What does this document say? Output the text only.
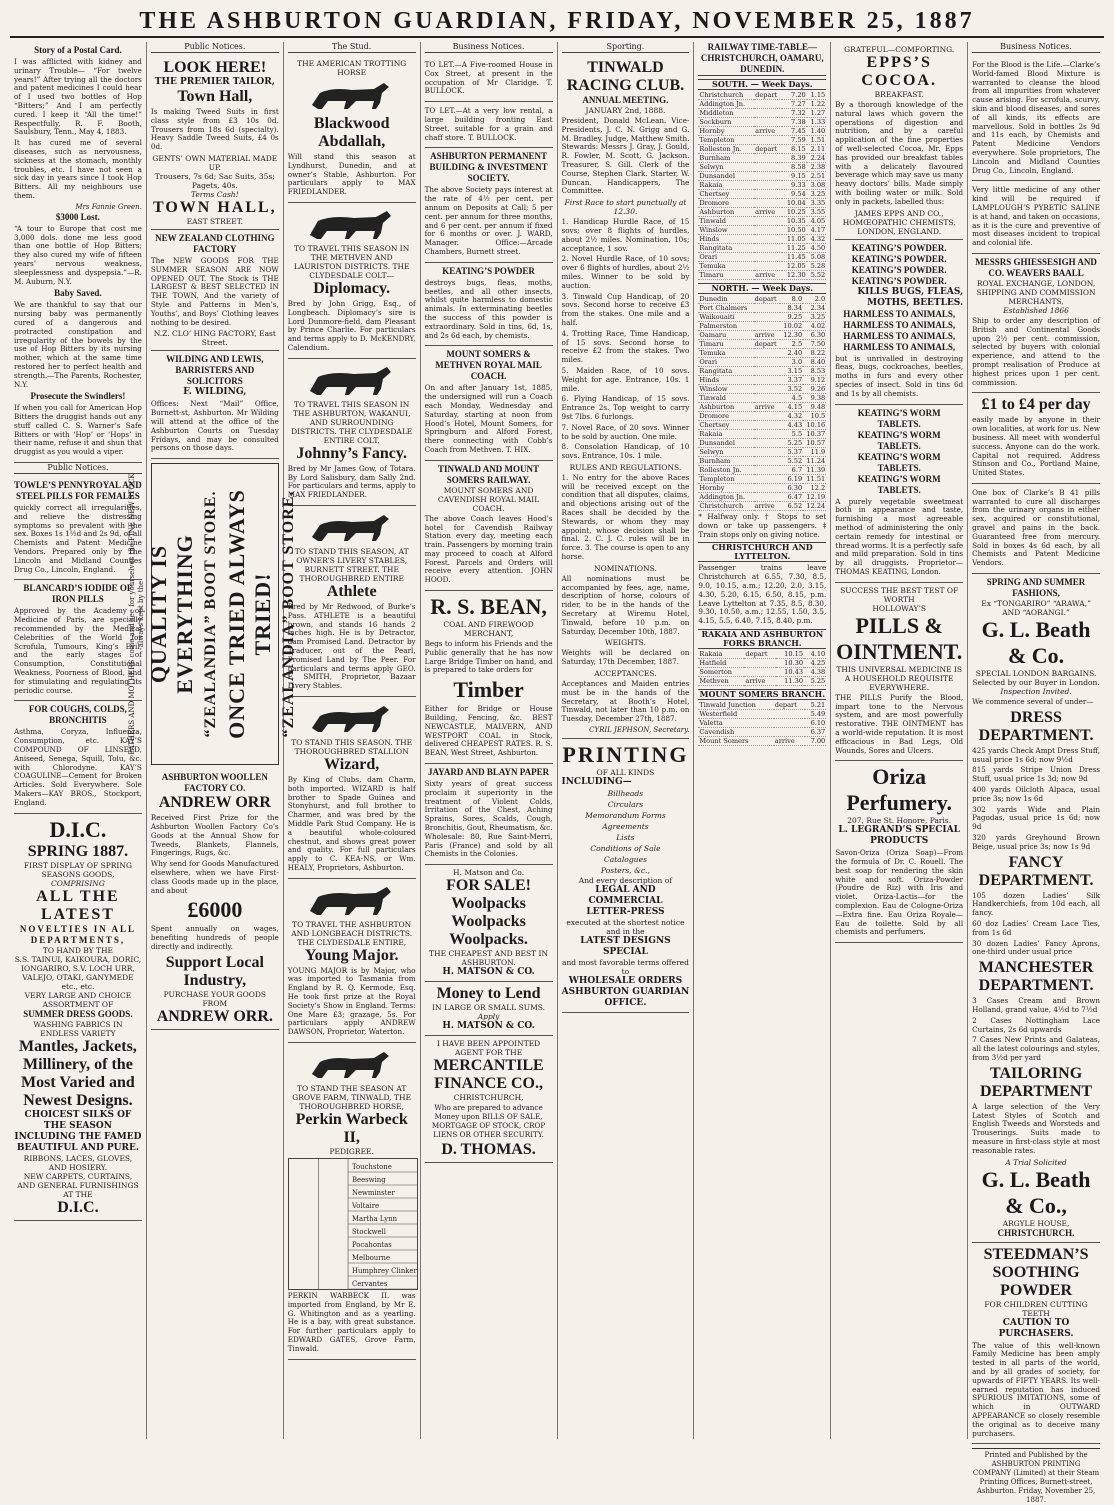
THE ASHBURTON GUARDIAN, FRIDAY, NOVEMBER 25, 1887
Story of a Postal Card.
I was afflicted with kidney and urinary Trouble— “For twelve years!” After trying all the doctors and patent medicines I could hear of I used two bottles of Hop “Bitters;” And I am perfectly cured. I keep it “All the time!” Respectfully, R. F. Booth, Saulsbury, Tenn., May 4, 1883.
It has cured me of several diseases, such as nervousness, sickness at the stomach, monthly troubles, etc. I have not seen a sick day in years since I took Hop Bitters. All my neighbours use them.
Mrs Fannie Green.
$3000 Lost.
“A tour to Europe that cost me 3,000 dols. done me less good than one bottle of Hop Bitters; they also cured my wife of fifteen years’ nervous weakness, sleeplessness and dyspepsia.”—R. M. Auburn, N.Y.
Baby Saved.
We are thankful to say that our nursing baby was permanently cured of a dangerous and protracted constipation and irregularity of the bowels by the use of Hop Bitters by its nursing mother, which at the same time restored her to perfect health and strength.—The Parents, Rochester, N.Y.
Prosecute the Swindlers!
If when you call for American Hop Bitters the druggist hands out any stuff called C. S. Warner’s Safe Bitters or with ‘Hop’ or ‘Hops’ in their name, refuse it and shun that druggist as you would a viper.
Public Notices.
TOWLE’S PENNYROYAL AND STEEL PILLS FOR FEMALES
quickly correct all irregularities, and relieve the distressing symptoms so prevalent with the sex. Boxes 1s 1½d and 2s 9d, of all Chemists and Patent Medicine Vendors. Prepared only by The Lincoln and Midland Counties Drug Co., Lincoln, England.
BLANCARD’S IODIDE OF IRON PILLS
Approved by the Academy of Medicine of Paris, are specially recommended by the Medical Celebrities of the World for Scrofula, Tumours, King’s Evil, and the early stages of Consumption, Constitutional Weakness, Poorness of Blood, and for stimulating and regulating its periodic course.
FOR COUGHS, COLDS, BRONCHITIS
Asthma, Coryza, Influenza, Consumption, etc. KAY’S COMPOUND OF LINSEED, Aniseed, Senega, Squill, Tolu, &c. with Chlorodyne. KAY’S COAGULINE—Cement for Broken Articles. Sold Everywhere. Sole Makers—KAY BROS., Stockport, England.
D.I.C.
SPRING 1887.
FIRST DISPLAY OF SPRING
SEASONS GOODS,
COMPRISING
ALL THE LATEST
NOVELTIES IN ALL
DEPARTMENTS,
TO HAND BY THE
S.S. TAINUI, KAIKOURA, DORIC, IONGARIRO, S.V. LOCH URR, VALEJO, OTAKI, GANYMEDE etc., etc.
VERY LARGE AND CHOICE ASSORTMENT OF
SUMMER DRESS GOODS.
WASHING FABRICS IN ENDLESS VARIETY
Mantles, Jackets, Millinery, of the Most Varied and Newest Designs.
CHOICEST SILKS OF THE SEASON INCLUDING THE FAMED BEAUTIFUL AND PURE.
RIBBONS, LACES, GLOVES, AND HOSIERY.
NEW CARPETS, CURTAINS, AND GENERAL FURNISHINGS AT THE
D.I.C.
Public Notices.
LOOK HERE!
THE PREMIER TAILOR,
Town Hall,
Is making Tweed Suits in first class style from £3 10s 0d. Trousers from 18s 6d (specialty). Heavy Saddle Tweed Suits, £4 0s 0d.
GENTS’ OWN MATERIAL MADE UP.
Trousers, 7s 6d; Sac Suits, 35s; Pagets, 40s.
Terms Cash!
TOWN HALL,
EAST STREET.
NEW ZEALAND CLOTHING FACTORY
The NEW GOODS FOR THE SUMMER SEASON ARE NOW OPENED OUT. The Stock is THE LARGEST & BEST SELECTED IN THE TOWN, And the variety of Style and Patterns in Men’s, Youths’, and Boys’ Clothing leaves nothing to be desired.
N.Z. CLO’ HING FACTORY, East Street.
WILDING AND LEWIS, BARRISTERS AND SOLICITORS
F. WILDING,
Offices: Next “Mail” Office, Burnett-st, Ashburton. Mr Wilding will attend at the office of the Ashburton Courts on Tuesday Fridays, and may be consulted persons on those days.
FATHERS AND MOTHERS come and see for yourselves the FINE NEW STOCK always kept by the QUALITY IS EVERYTHING “ZEALANDIA” BOOT STORE. ONCE TRIED ALWAYS TRIED! “ZEALANDIA” BOOT STORE.
ASHBURTON WOOLLEN FACTORY CO.
ANDREW ORR
Received First Prize for the Ashburton Woollen Factory Co’s Goods at the Annual Show for Tweeds, Blankets, Flannels, Fingerings, Rugs, &c.
Why send for Goods Manufactured elsewhere, when we have First-class Goods made up in the place, and about
£6000
Spent annually on wages, benefiting hundreds of people directly and indirectly.
Support Local Industry,
PURCHASE YOUR GOODS FROM
ANDREW ORR.
The Stud.
THE AMERICAN TROTTING HORSE
Blackwood Abdallah,
Will stand this season at Lyndhurst, Dunedin, and at owner’s Stable, Ashburton. For particulars apply to MAX FRIEDLANDER.
TO TRAVEL THIS SEASON IN THE METHVEN AND LAURISTON DISTRICTS. THE CLYDESDALE COLT—
Diplomacy.
Bred by John Grigg, Esq., of Longbeach. Diplomacy’s sire is Lord Dunmore-field, dam Pleasant by Prince Charlie. For particulars and terms apply to D. McKENDRY, Calendium.
TO TRAVEL THIS SEASON IN THE ASHBURTON, WAKANUI, AND SURROUNDING DISTRICTS. THE CLYDESDALE ENTIRE COLT,
Johnny’s Fancy.
Bred by Mr James Gow, of Totara. By Lord Salisbury, dam Sally 2nd. For particulars and terms, apply to MAX FRIEDLANDER.
TO STAND THIS SEASON, AT OWNER’S LIVERY STABLES, BURNETT STREET. THE THOROUGHBRED ENTIRE
Athlete
Bred by Mr Redwood, of Burke’s Pass. ATHLETE is a beautiful brown, and stands 16 hands 2 inches high. He is by Detractor, dam Promised Land. Detractor by Traducer, out of the Pearl, Promised Land by The Peer. For particulars and terms apply GEO. F. SMITH, Proprietor, Bazaar Livery Stables.
TO STAND THIS SEASON. THE THOROUGHBRED STALLION
Wizard,
By King of Clubs, dam Charm, both imported. WIZARD is half brother to Spade Guinea and Stonyhurst, and full brother to Charmer, and was bred by the Middle Park Stud Company. He is a beautiful whole-coloured chestnut, and shows great power and quality. For full particulars apply to C. KEA-NS, or Wm. HEALY, Proprietors, Ashburton.
TO TRAVEL THE ASHBURTON AND LONGBEACH DISTRICTS. THE CLYDESDALE ENTIRE,
Young Major.
YOUNG MAJOR is by Major, who was imported to Tasmania from England by R. Q. Kermode, Esq. He took first prize at the Royal Society’s Show in England. Terms: One Mare £3; grazage, 5s. For particulars apply ANDREW DAWSON, Proprietor, Waterton.
TO STAND THE SEASON AT GROVE FARM, TINWALD, THE THOROUGHBRED HORSE,
Perkin Warbeck II,
PEDIGREE.
Touchstone
Beeswing
Newminster
Voltaire
Martha Lynn
Stockwell
Pocahontas
Melbourne
Humphrey Clinker
Cervantes
PERKIN WARBECK II. was imported from England, by Mr E. G. Whitington and as a yearling. He is a bay, with great substance. For further particulars apply to EDWARD GATES, Grove Farm, Tinwald.
Business Notices.
TO LET.—A Five-roomed House in Cox Street, at present in the occupation of Mr Claridge. T. BULLOCK.
TO LET.—At a very low rental, a large building fronting East Street, suitable for a grain and chaff store. T. BULLOCK.
ASHBURTON PERMANENT BUILDING & INVESTMENT SOCIETY.
The above Society pays interest at the rate of 4½ per cent. per annum on Deposits at Call; 5 per cent. per annum for three months, and 6 per cent. per annum if fixed for 6 months or over. J. WARD, Manager. Office:—Arcade Chambers, Burnett street.
KEATING’S POWDER
destroys bugs, fleas, moths, beetles, and all other insects, whilst quite harmless to domestic animals. In exterminating beetles the success of this powder is extraordinary. Sold in tins, 6d, 1s, and 2s 6d each, by chemists.
MOUNT SOMERS & METHVEN ROYAL MAIL COACH.
On and after January 1st, 1885, the undersigned will run a Coach each Monday, Wednesday and Saturday, starting at noon from Hood’s Hotel, Mount Somers, for Springburn and Alford Forest, there connecting with Cobb’s Coach from Methven. T. HIX.
TINWALD AND MOUNT SOMERS RAILWAY.
MOUNT SOMERS AND CAVENDISH ROYAL MAIL COACH.
The above Coach leaves Hood’s hotel for Cavendish Railway Station every day, meeting each train. Passengers by morning train may proceed to coach at Alford Forest. Parcels and Orders will receive every attention. JOHN HOOD.
R. S. BEAN,
COAL AND FIREWOOD MERCHANT,
Begs to inform his Friends and the Public generally that he has now Large Bridge Timber on hand, and is prepared to take orders for
Timber
Either for Bridge or House Building, Fencing, &c. BEST NEWCASTLE, MALVERN, AND WESTPORT COAL in Stock, delivered CHEAPEST RATES. R. S. BEAN, West Street, Ashburton.
JAYARD AND BLAYN PAPER
Sixty years of great success proclaim it superiority in the treatment of Violent Colds, Irritation of the Chest, Aching Sprains, Sores, Scalds, Cough, Bronchitis, Gout, Rheumatism, &c. Wholesale: 80, Rue Saint-Merri, Paris (France) and sold by all Chemists in the Colonies.
H. Matson and Co.
FOR SALE!
Woolpacks
Woolpacks
Woolpacks.
THE CHEAPEST AND BEST IN ASHBURTON.
H. MATSON & CO.
Money to Lend
IN LARGE OR SMALL SUMS.
Apply
H. MATSON & CO.
I HAVE BEEN APPOINTED AGENT FOR THE
MERCANTILE FINANCE CO.,
CHRISTCHURCH,
Who are prepared to advance Money upon BILLS OF SALE, MORTGAGE OF STOCK, CROP LIENS OR OTHER SECURITY.
D. THOMAS.
Sporting.
TINWALD RACING CLUB.
ANNUAL MEETING.
JANUARY 2nd, 1888.
President, Donald McLean. Vice-Presidents, J. C. N. Grigg and G. M. Bradley. Judge, Matthew Smith. Stewards: Messrs J. Gray, J. Gould, R. Fowler, M. Scott, G. Jackson. Treasurer, S. Gill. Clerk of the Course, Stephen Clark. Starter, W. Duncan. Handicappers, The Committee.
First Race to start punctually at 12.30.
1. Handicap Hurdle Race, of 15 sovs; over 8 flights of hurdles, about 2½ miles. Nomination, 10s; acceptance, 1 sov.
2. Novel Hurdle Race, of 10 sovs; over 6 flights of hurdles, about 2½ miles. Winner to be sold by auction.
3. Tinwald Cup Handicap, of 20 sovs. Second horse to receive £3 from the stakes. One mile and a half.
4. Trotting Race, Time Handicap, of 15 sovs. Second horse to receive £2 from the stakes. Two miles.
5. Maiden Race, of 10 sovs. Weight for age. Entrance, 10s. 1 mile.
6. Flying Handicap, of 15 sovs. Entrance 2s. Top weight to carry 9st 7lbs. 6 furlongs.
7. Novel Race, of 20 sovs. Winner to be sold by auction. One mile.
8. Consolation Handicap, of 10 sovs. Entrance, 10s. 1 mile.
RULES AND REGULATIONS.
1. No entry for the above Races will be received except on the condition that all disputes, claims, and objections arising out of the Races shall be decided by the Stewards, or whom they may appoint, whose decision shall be final. 2. C. J. C. rules will be in force. 3. The course is open to any horse.
NOMINATIONS.
All nominations must be accompanied by fees, age, name, description of horse, colours of rider, to be in the hands of the Secretary at Wiremu Hotel, Tinwald, before 10 p.m. on Saturday, December 10th, 1887.
WEIGHTS.
Weights will be declared on Saturday, 17th December, 1887.
ACCEPTANCES.
Acceptances and Maiden entries must be in the hands of the Secretary, at Booth’s Hotel, Tinwald, not later than 10 p.m. on Tuesday, December 27th, 1887.
CYRIL JEPHSON, Secretary.
PRINTING
OF ALL KINDS
INCLUDING—
Billheads
Circulars
Memorandum Forms
Agreements
Lists
Conditions of Sale
Catalogues
Posters, &c.,
And every description of
LEGAL AND COMMERCIAL
LETTER-PRESS
executed at the shortest notice and in the
LATEST DESIGNS
SPECIAL
and most favorable terms offered to
WHOLESALE ORDERS
ASHBURTON GUARDIAN OFFICE.
RAILWAY TIME-TABLE—CHRISTCHURCH, OAMARU, DUNEDIN.
SOUTH. — Week Days.
Christchurch	depart	7.20	1.15
Addington Jn.		7.27	1.22
Middleton		7.32	1.27
Sockburn		7.38	1.33
Hornby	arrive	7.45	1.40
Templeton		7.59	1.51
Rolleston Jn.	depart	8.15	2.11
Burnham		8.39	2.24
Selwyn		8.58	2.38
Dunsandel		9.15	2.51
Rakaia		9.33	3.08
Chertsey		9.54	3.25
Dromore		10.04	3.35
Ashburton	arrive	10.25	3.55
Tinwald		10.35	4.05
Winslow		10.50	4.17
Hinds		11.05	4.32
Rangitata		11.25	4.50
Orari		11.45	5.08
Temuka		12.05	5.28
Timaru	arrive	12.30	5.52
NORTH. — Week Days.
Dunedin	depart	8.0	2.0
Port Chalmers		8.34	2.34
Waikouaiti		9.25	3.25
Palmerston		10.02	4.02
Oamaru	arrive	12.30	6.30
Timaru	depart	2.5	7.50
Temuka		2.40	8.22
Orari		3.0	8.40
Rangitata		3.15	8.53
Hinds		3.37	9.12
Winslow		3.52	9.26
Tinwald		4.5	9.38
Ashburton	arrive	4.15	9.48
Dromore		4.32	10.5
Chertsey		4.43	10.16
Rakaia		5.5	10.37
Dunsandel		5.25	10.57
Selwyn		5.37	11.9
Burnham		5.52	11.24
Rolleston Jn.		6.7	11.39
Templeton		6.19	11.51
Hornby		6.30	12.2
Addington Jn.		6.47	12.19
Christchurch	arrive	6.52	12.24
* Halfway only. † Stops to set down or take up passengers. ‡ Train stops only on giving notice.
CHRISTCHURCH AND LYTTELTON.
Passenger trains leave Christchurch at 6.55, 7.30, 8.5, 9.0, 10.15, a.m.; 12.20, 2.0, 3.15, 4.30, 5.20, 6.15, 6.50, 8.15, p.m. Leave Lyttelton at 7.35, 8.5, 8.30, 9.30, 10.50, a.m.; 12.55, 1.50, 3.5, 4.15, 5.5, 6.40, 7.15, 8.40, p.m.
RAKAIA AND ASHBURTON FORKS BRANCH.
Rakaia	depart	10.15	4.10
Hatfield		10.30	4.25
Somerton		10.43	4.38
Methven	arrive	11.30	5.25
MOUNT SOMERS BRANCH.
Tinwald Junction	depart	5.21
Westerfield		5.49
Valetta		6.10
Cavendish		6.37
Mount Somers	arrive	7.00
GRATEFUL—COMFORTING.
EPPS’S COCOA.
BREAKFAST.
By a thorough knowledge of the natural laws which govern the operations of digestion and nutrition, and by a careful application of the fine properties of well-selected Cocoa, Mr. Epps has provided our breakfast tables with a delicately flavoured beverage which may save us many heavy doctors’ bills. Made simply with boiling water or milk. Sold only in packets, labelled thus:
JAMES EPPS AND CO., HOMŒOPATHIC CHEMISTS, LONDON, ENGLAND.
KEATING’S POWDER.
KEATING’S POWDER.
KEATING’S POWDER.
KEATING’S POWDER.
KILLS BUGS, FLEAS, MOTHS, BEETLES.
HARMLESS TO ANIMALS,
HARMLESS TO ANIMALS,
HARMLESS TO ANIMALS,
HARMLESS TO ANIMALS,
but is unrivalled in destroying fleas, bugs, cockroaches, beetles, moths in furs and every other species of insect. Sold in tins 6d and 1s by all chemists.
KEATING’S WORM TABLETS.
KEATING’S WORM TABLETS.
KEATING’S WORM TABLETS.
KEATING’S WORM TABLETS.
A purely vegetable sweetmeat both in appearance and taste, furnishing a most agreeable method of administering the only certain remedy for intestinal or thread worms. It is a perfectly safe and mild preparation. Sold in tins by all druggists. Proprietor—THOMAS KEATING, London.
SUCCESS THE BEST TEST OF WORTH
HOLLOWAY’S
PILLS & OINTMENT.
THIS UNIVERSAL MEDICINE IS A HOUSEHOLD REQUISITE EVERYWHERE.
THE PILLS Purify the Blood, impart tone to the Nervous system, and are most powerfully restorative. THE OINTMENT has a world-wide reputation. It is most efficacious in Bad Legs, Old Wounds, Sores and Ulcers.
Oriza Perfumery.
207, Rue St. Honore, Paris.
L. LEGRAND’S SPECIAL PRODUCTS
Savon-Oriza (Oriza Soap)—From the formula of Dr. C. Rouell. The best soap for rendering the skin white and soft. Oriza-Powder (Poudre de Riz) with Iris and violet. Oriza-Lactis—for the complexion. Eau de Cologne-Oriza—Extra fine. Eau Oriza Royale—Eau de toilette. Sold by all chemists and perfumers.
Business Notices.
For the Blood is the Life.—Clarke’s World-famed Blood Mixture is warranted to cleanse the blood from all impurities from whatever cause arising. For scrofula, scurvy, skin and blood diseases, and sores of all kinds, its effects are marvellous. Sold in bottles 2s 9d and 11s each, by Chemists and Patent Medicine Vendors everywhere. Sole proprietors, The Lincoln and Midland Counties Drug Co., Lincoln, England.
Very little medicine of any other kind will be required if LAMPLOUGH’S PYRETIC SALINE is at hand, and taken on occasions, as it is the cure and preventive of most diseases incident to tropical and colonial life.
MESSRS GHIESSESIGH AND CO. WEAVERS BAALL
ROYAL EXCHANGE, LONDON, SHIPPING AND COMMISSION MERCHANTS,
Established 1866
Ship to order any description of British and Continental Goods upon 2½ per cent. commission, selected by buyers with colonial experience, and attend to the prompt realisation of Produce at highest prices upon 1 per cent. commission.
£1 to £4 per day
easily made by anyone in their own localities, at work for us. New business. All meet with wonderful success. Anyone can do the work. Capital not required. Address Stinson and Co., Portland Maine, United States.
One box of Clarke’s B 41 pills warranted to cure all discharges from the urinary organs in either sex, acquired or constitutional, gravel and pains in the back. Guaranteed free from mercury. Sold in boxes 4s 6d each, by all Chemists and Patent Medicine Vendors.
SPRING AND SUMMER FASHIONS,
Ex “TONGARIRO” “ARAWA,” AND “AORANGI.”
G. L. Beath & Co.
SPECIAL LONDON BARGAINS. Selected by our Buyer in London.
Inspection Invited.
We commence several of under—
DRESS DEPARTMENT.
425 yards Check Ampt Dress Stuff, usual price 1s 6d; now 9½d
815 yards Stripe Union Dress Stuff, usual price 1s 3d; now 9d
400 yards Oilcloth Alpaca, usual price 3s; now 1s 6d
302 yards Wide and Plain Pagodas, usual price 1s 6d; now 9d
320 yards Greyhound Brown Beige, usual price 3s; now 1s 9d
FANCY DEPARTMENT.
105 dozen Ladies’ Silk Handkerchiefs, from 10d each, all fancy.
60 doz Ladies’ Cream Lace Ties, from 1s 6d
30 dozen Ladies’ Fancy Aprons, one-third under usual price
MANCHESTER DEPARTMENT.
3 Cases Cream and Brown Holland, grand value, 4½d to 7½d
2 Cases Nottingham Lace Curtains, 2s 6d upwards
7 Cases New Prints and Galateas, all the latest colourings and styles, from 3½d per yard
TAILORING DEPARTMENT
A large selection of the Very Latest Styles of Scotch and English Tweeds and Worsteds and Trouserings. Suits made to measure in first-class style at most reasonable rates.
A Trial Solicited
G. L. Beath & Co.,
ARGYLE HOUSE,
CHRISTCHURCH.
STEEDMAN’S SOOTHING POWDER
FOR CHILDREN CUTTING TEETH
CAUTION TO PURCHASERS.
The value of this well-known Family Medicine has been amply tested in all parts of the world, and by all grades of society, for upwards of FIFTY YEARS. Its well-earned reputation has induced SPURIOUS IMITATIONS, some of which in OUTWARD APPEARANCE so closely resemble the original as to deceive many purchasers.
Printed and Published by the ASHBURTON PRINTING COMPANY (Limited) at their Steam Printing Offices, Burnett-street, Ashburton. Friday, November 25, 1887.
